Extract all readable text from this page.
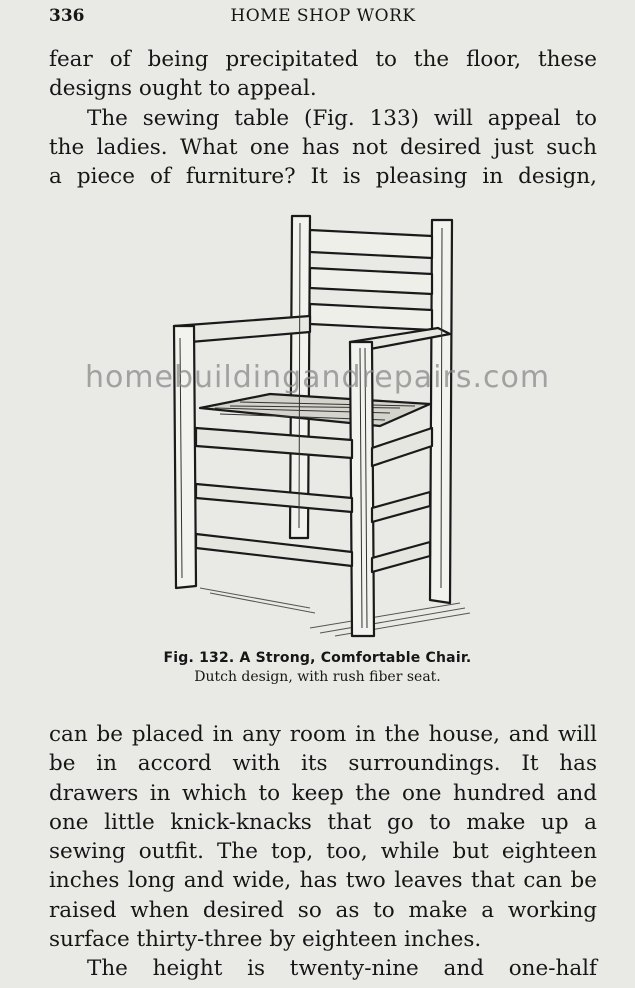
336	HOME SHOP WORK

fear of being precipitated to the floor, these
designs ought to appeal.
The sewing table (Fig. 133) will appeal to
the ladies. What one has not desired just such
a piece of furniture? It is pleasing in design,

homebuildingandrepairs.com
Fig. 132. A Strong, Comfortable Chair.
Dutch design, with rush fiber seat.

can be placed in any room in the house, and will
be in accord with its surroundings. It has
drawers in which to keep the one hundred and
one little knick-knacks that go to make up a
sewing outfit. The top, too, while but eighteen
inches long and wide, has two leaves that can be
raised when desired so as to make a working
surface thirty-three by eighteen inches.
The height is twenty-nine and one-half
